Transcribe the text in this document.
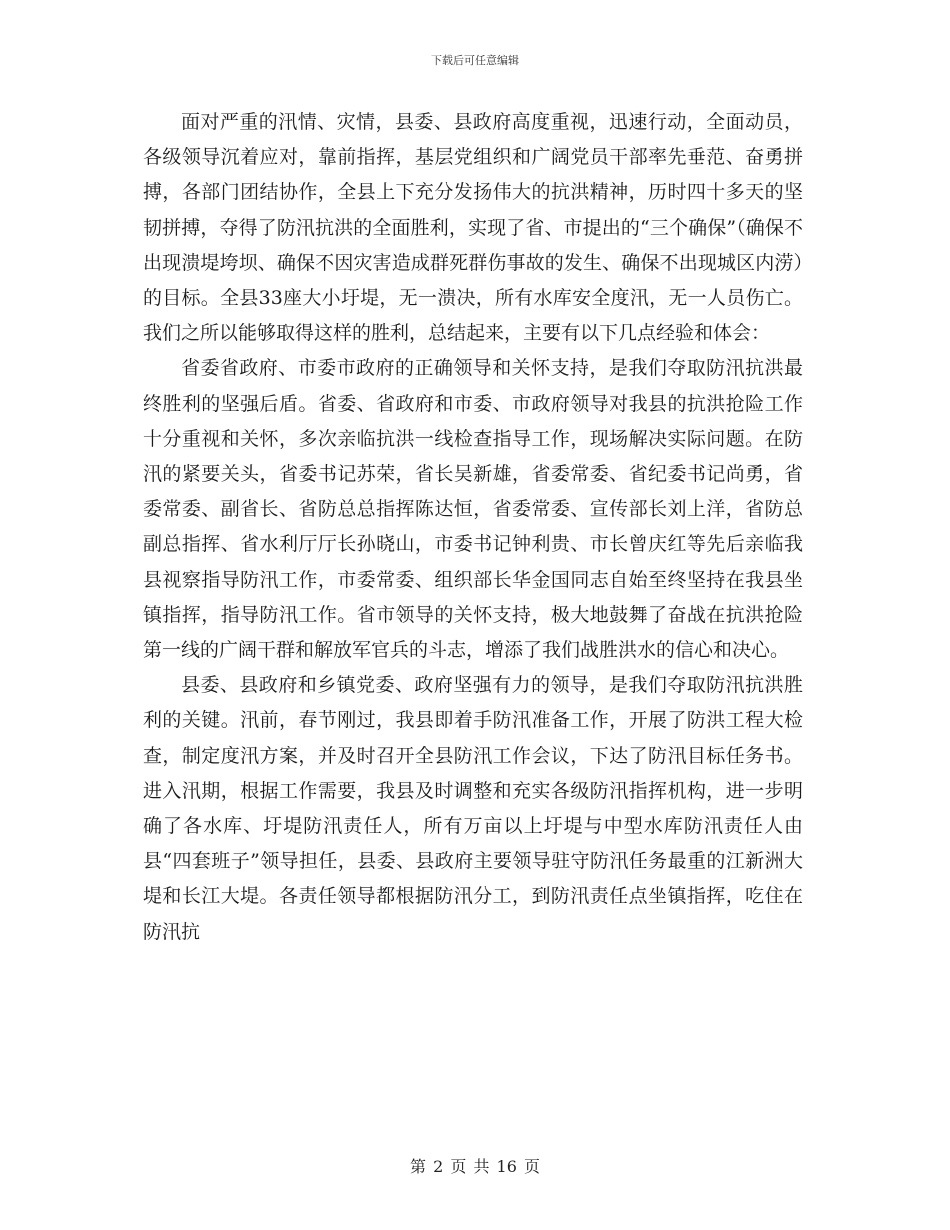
下载后可任意编辑

面对严重的汛情、灾情，县委、县政府高度重视，迅速行动，全面动员，各级领导沉着应对，靠前指挥，基层党组织和广阔党员干部率先垂范、奋勇拼搏，各部门团结协作，全县上下充分发扬伟大的抗洪精神，历时四十多天的坚韧拼搏，夺得了防汛抗洪的全面胜利，实现了省、市提出的“三个确保”（确保不出现溃堤垮坝、确保不因灾害造成群死群伤事故的发生、确保不出现城区内涝）的目标。全县33座大小圩堤，无一溃决，所有水库安全度汛，无一人员伤亡。我们之所以能够取得这样的胜利，总结起来，主要有以下几点经验和体会：

省委省政府、市委市政府的正确领导和关怀支持，是我们夺取防汛抗洪最终胜利的坚强后盾。省委、省政府和市委、市政府领导对我县的抗洪抢险工作十分重视和关怀，多次亲临抗洪一线检查指导工作，现场解决实际问题。在防汛的紧要关头，省委书记苏荣，省长吴新雄，省委常委、省纪委书记尚勇，省委常委、副省长、省防总总指挥陈达恒，省委常委、宣传部长刘上洋，省防总副总指挥、省水利厅厅长孙晓山，市委书记钟利贵、市长曾庆红等先后亲临我县视察指导防汛工作，市委常委、组织部长华金国同志自始至终坚持在我县坐镇指挥，指导防汛工作。省市领导的关怀支持，极大地鼓舞了奋战在抗洪抢险第一线的广阔干群和解放军官兵的斗志，增添了我们战胜洪水的信心和决心。

县委、县政府和乡镇党委、政府坚强有力的领导，是我们夺取防汛抗洪胜利的关键。汛前，春节刚过，我县即着手防汛准备工作，开展了防洪工程大检查，制定度汛方案，并及时召开全县防汛工作会议，下达了防汛目标任务书。进入汛期，根据工作需要，我县及时调整和充实各级防汛指挥机构，进一步明确了各水库、圩堤防汛责任人，所有万亩以上圩堤与中型水库防汛责任人由县“四套班子”领导担任，县委、县政府主要领导驻守防汛任务最重的江新洲大堤和长江大堤。各责任领导都根据防汛分工，到防汛责任点坐镇指挥，吃住在防汛抗

第 2 页 共 16 页
